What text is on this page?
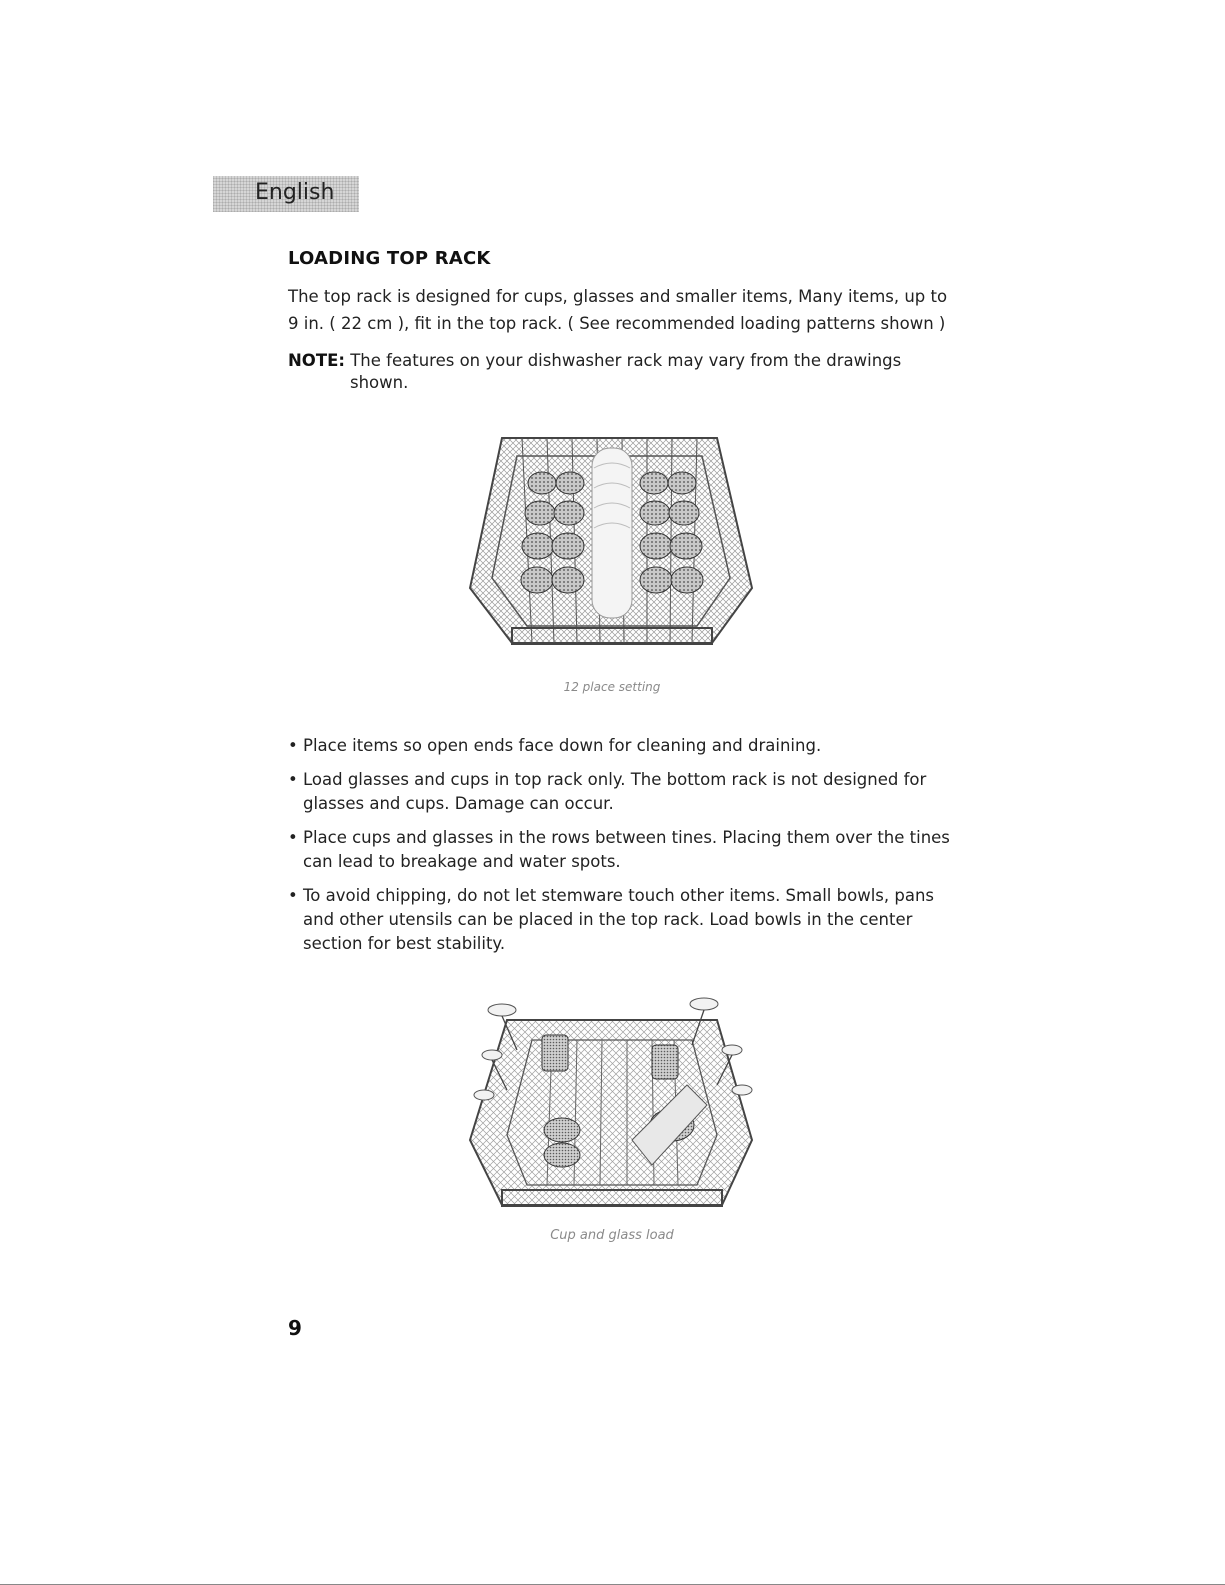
English
LOADING TOP RACK
The top rack is designed for cups, glasses and smaller items, Many items, up to
9 in. ( 22 cm ), fit in the top rack. ( See recommended loading patterns shown )
NOTE: The features on your dishwasher rack may vary from the drawings
shown.
12 place setting
• Place items so open ends face down for cleaning and draining.
• Load glasses and cups in top rack only. The bottom rack is not designed for
glasses and cups. Damage can occur.
• Place cups and glasses in the rows between tines. Placing them over the tines
can lead to breakage and water spots.
• To avoid chipping, do not let stemware touch other items. Small bowls, pans
and other utensils can be placed in the top rack. Load bowls in the center
section for best stability.
Cup and glass load
9
